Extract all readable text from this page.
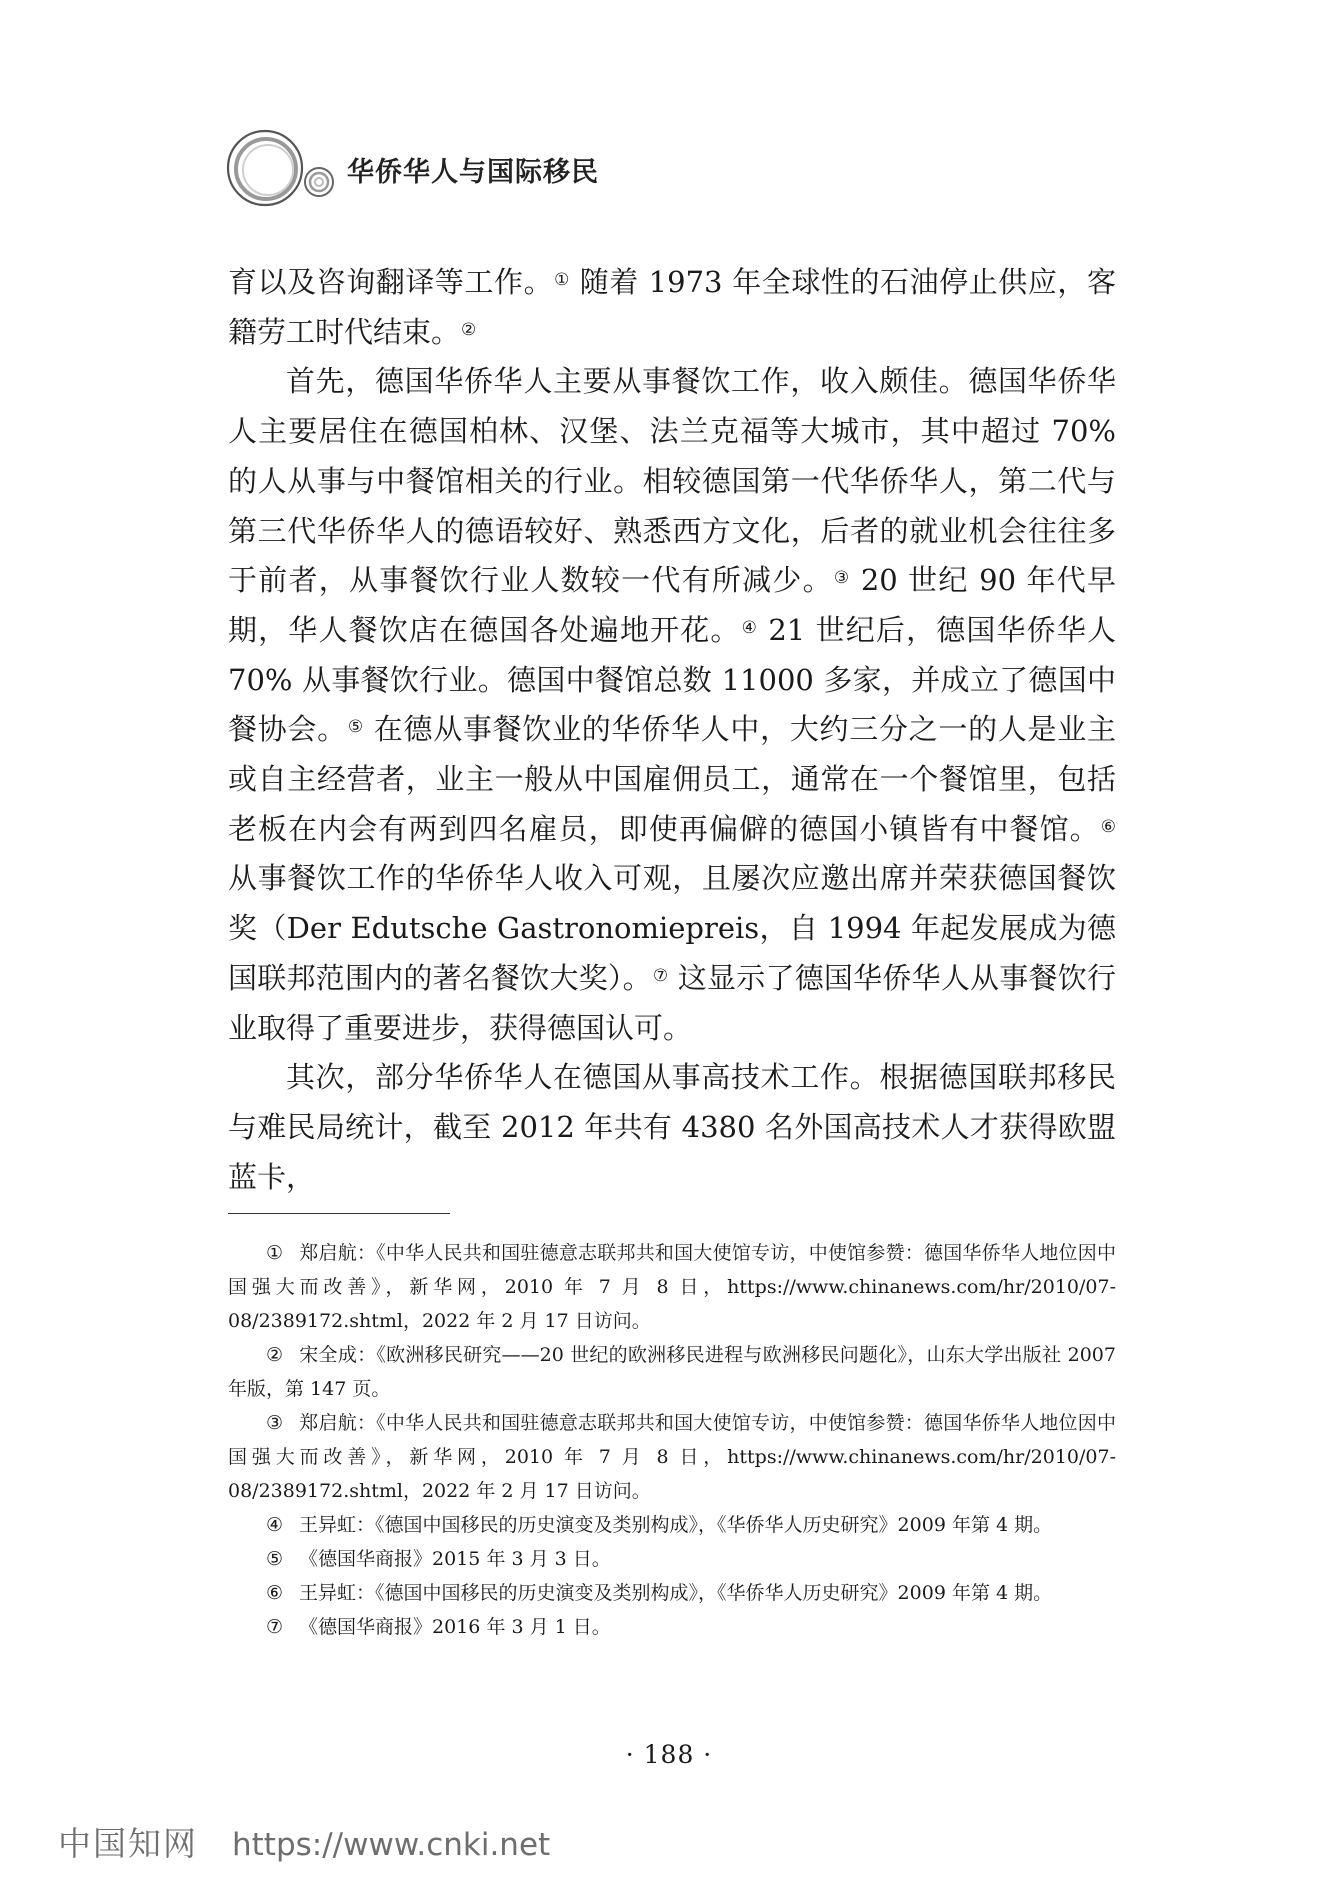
华侨华人与国际移民

育以及咨询翻译等工作。① 随着 1973 年全球性的石油停止供应，客籍劳工时代结束。②

首先，德国华侨华人主要从事餐饮工作，收入颇佳。德国华侨华人主要居住在德国柏林、汉堡、法兰克福等大城市，其中超过 70% 的人从事与中餐馆相关的行业。相较德国第一代华侨华人，第二代与第三代华侨华人的德语较好、熟悉西方文化，后者的就业机会往往多于前者，从事餐饮行业人数较一代有所减少。③ 20 世纪 90 年代早期，华人餐饮店在德国各处遍地开花。④ 21 世纪后，德国华侨华人 70% 从事餐饮行业。德国中餐馆总数 11000 多家，并成立了德国中餐协会。⑤ 在德从事餐饮业的华侨华人中，大约三分之一的人是业主或自主经营者，业主一般从中国雇佣员工，通常在一个餐馆里，包括老板在内会有两到四名雇员，即使再偏僻的德国小镇皆有中餐馆。⑥ 从事餐饮工作的华侨华人收入可观，且屡次应邀出席并荣获德国餐饮奖（Der Edutsche Gastronomiepreis，自 1994 年起发展成为德国联邦范围内的著名餐饮大奖）。⑦ 这显示了德国华侨华人从事餐饮行业取得了重要进步，获得德国认可。

其次，部分华侨华人在德国从事高技术工作。根据德国联邦移民与难民局统计，截至 2012 年共有 4380 名外国高技术人才获得欧盟蓝卡，

① 郑启航：《中华人民共和国驻德意志联邦共和国大使馆专访，中使馆参赞：德国华侨华人地位因中国强大而改善》，新华网，2010 年 7 月 8 日，https://www.chinanews.com/hr/2010/07-08/2389172.shtml，2022 年 2 月 17 日访问。

② 宋全成：《欧洲移民研究——20 世纪的欧洲移民进程与欧洲移民问题化》，山东大学出版社 2007 年版，第 147 页。

③ 郑启航：《中华人民共和国驻德意志联邦共和国大使馆专访，中使馆参赞：德国华侨华人地位因中国强大而改善》，新华网，2010 年 7 月 8 日，https://www.chinanews.com/hr/2010/07-08/2389172.shtml，2022 年 2 月 17 日访问。

④ 王异虹：《德国中国移民的历史演变及类别构成》，《华侨华人历史研究》2009 年第 4 期。

⑤ 《德国华商报》2015 年 3 月 3 日。

⑥ 王异虹：《德国中国移民的历史演变及类别构成》，《华侨华人历史研究》2009 年第 4 期。

⑦ 《德国华商报》2016 年 3 月 1 日。

· 188 ·
中国知网 https://www.cnki.net
